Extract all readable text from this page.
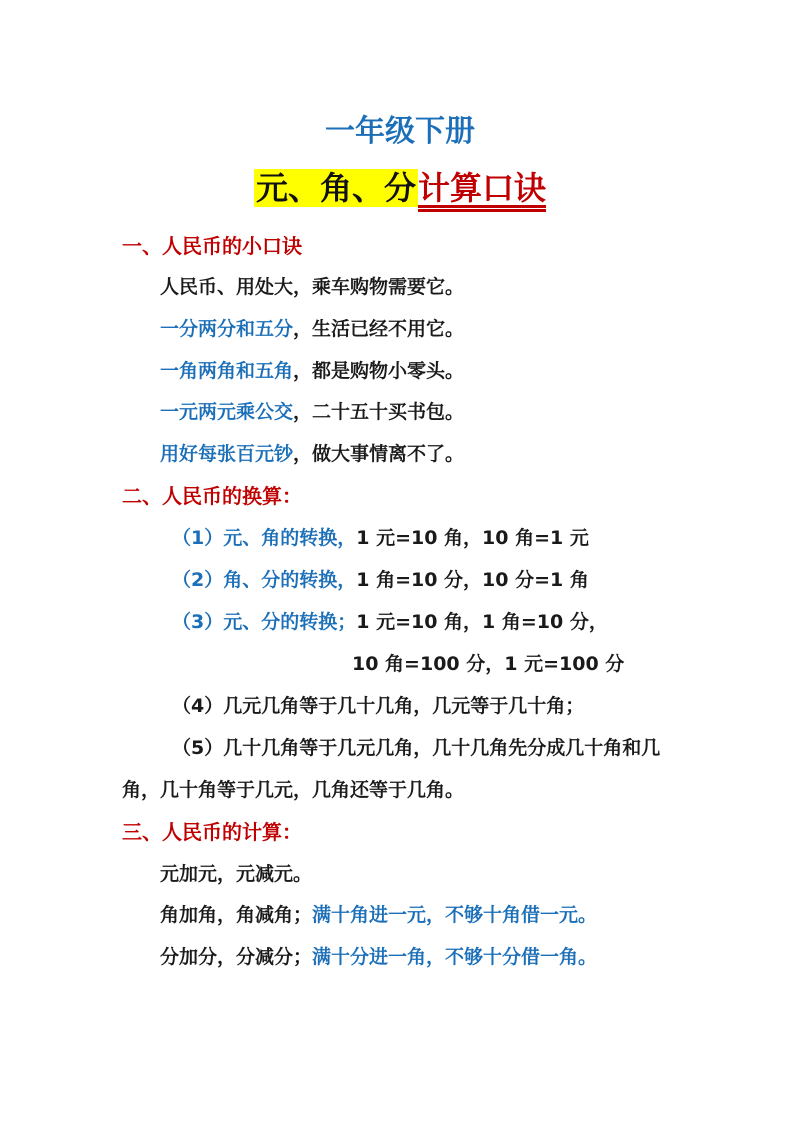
一年级下册
元、角、分计算口诀
一、人民币的小口诀
人民币、用处大，乘车购物需要它。
一分两分和五分，生活已经不用它。
一角两角和五角，都是购物小零头。
一元两元乘公交，二十五十买书包。
用好每张百元钞，做大事情离不了。
二、人民币的换算：
（1）元、角的转换，1 元=10 角，10 角=1 元
（2）角、分的转换，1 角=10 分，10 分=1 角
（3）元、分的转换；1 元=10 角，1 角=10 分，
10 角=100 分，1 元=100 分
（4）几元几角等于几十几角，几元等于几十角；
（5）几十几角等于几元几角，几十几角先分成几十角和几
角，几十角等于几元，几角还等于几角。
三、人民币的计算：
元加元，元减元。
角加角，角减角；满十角进一元，不够十角借一元。
分加分，分减分；满十分进一角，不够十分借一角。
